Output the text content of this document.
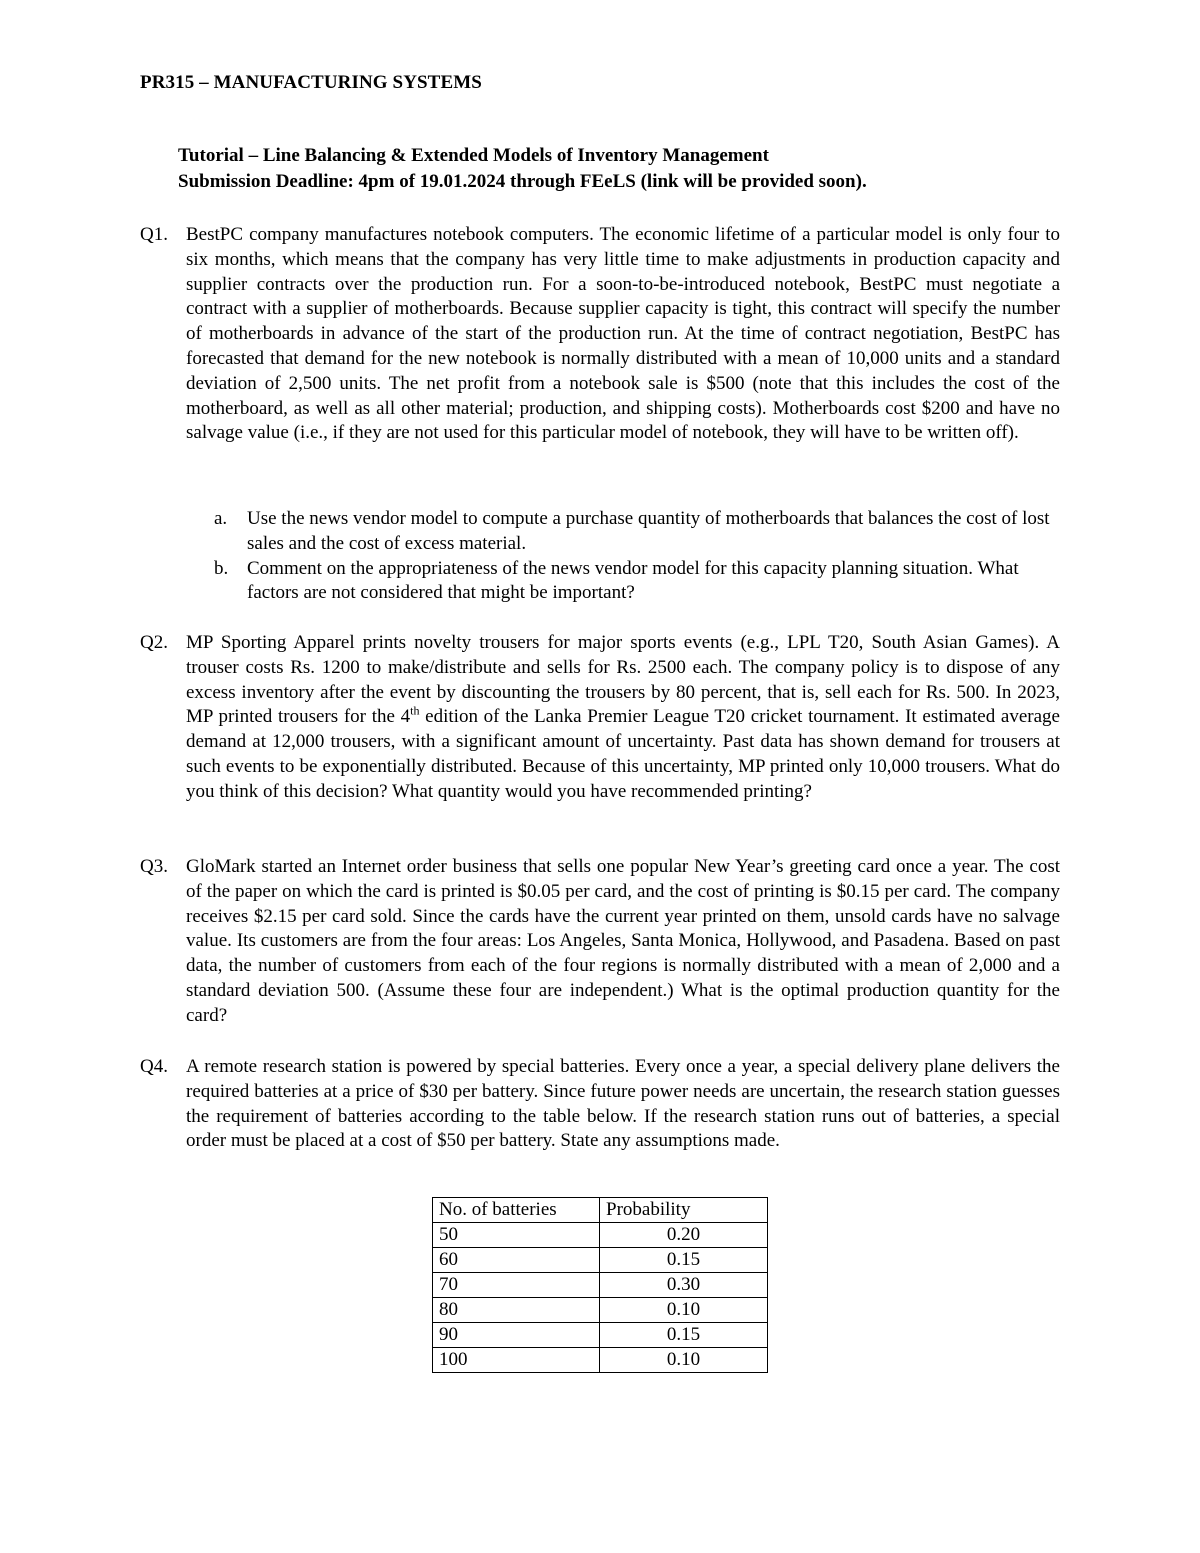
PR315 – MANUFACTURING SYSTEMS
Tutorial – Line Balancing & Extended Models of Inventory Management
Submission Deadline: 4pm of 19.01.2024 through FEeLS (link will be provided soon).
Q1. BestPC company manufactures notebook computers. The economic lifetime of a particular model is only four to six months, which means that the company has very little time to make adjustments in production capacity and supplier contracts over the production run. For a soon-to-be-introduced notebook, BestPC must negotiate a contract with a supplier of motherboards. Because supplier capacity is tight, this contract will specify the number of motherboards in advance of the start of the production run. At the time of contract negotiation, BestPC has forecasted that demand for the new notebook is normally distributed with a mean of 10,000 units and a standard deviation of 2,500 units. The net profit from a notebook sale is $500 (note that this includes the cost of the motherboard, as well as all other material; production, and shipping costs). Motherboards cost $200 and have no salvage value (i.e., if they are not used for this particular model of notebook, they will have to be written off).
a. Use the news vendor model to compute a purchase quantity of motherboards that balances the cost of lost sales and the cost of excess material.
b. Comment on the appropriateness of the news vendor model for this capacity planning situation. What factors are not considered that might be important?
Q2. MP Sporting Apparel prints novelty trousers for major sports events (e.g., LPL T20, South Asian Games). A trouser costs Rs. 1200 to make/distribute and sells for Rs. 2500 each. The company policy is to dispose of any excess inventory after the event by discounting the trousers by 80 percent, that is, sell each for Rs. 500. In 2023, MP printed trousers for the 4th edition of the Lanka Premier League T20 cricket tournament. It estimated average demand at 12,000 trousers, with a significant amount of uncertainty. Past data has shown demand for trousers at such events to be exponentially distributed. Because of this uncertainty, MP printed only 10,000 trousers. What do you think of this decision? What quantity would you have recommended printing?
Q3. GloMark started an Internet order business that sells one popular New Year’s greeting card once a year. The cost of the paper on which the card is printed is $0.05 per card, and the cost of printing is $0.15 per card. The company receives $2.15 per card sold. Since the cards have the current year printed on them, unsold cards have no salvage value. Its customers are from the four areas: Los Angeles, Santa Monica, Hollywood, and Pasadena. Based on past data, the number of customers from each of the four regions is normally distributed with a mean of 2,000 and a standard deviation 500. (Assume these four are independent.) What is the optimal production quantity for the card?
Q4. A remote research station is powered by special batteries. Every once a year, a special delivery plane delivers the required batteries at a price of $30 per battery. Since future power needs are uncertain, the research station guesses the requirement of batteries according to the table below. If the research station runs out of batteries, a special order must be placed at a cost of $50 per battery. State any assumptions made.
No. of batteries	Probability
50	0.20
60	0.15
70	0.30
80	0.10
90	0.15
100	0.10
